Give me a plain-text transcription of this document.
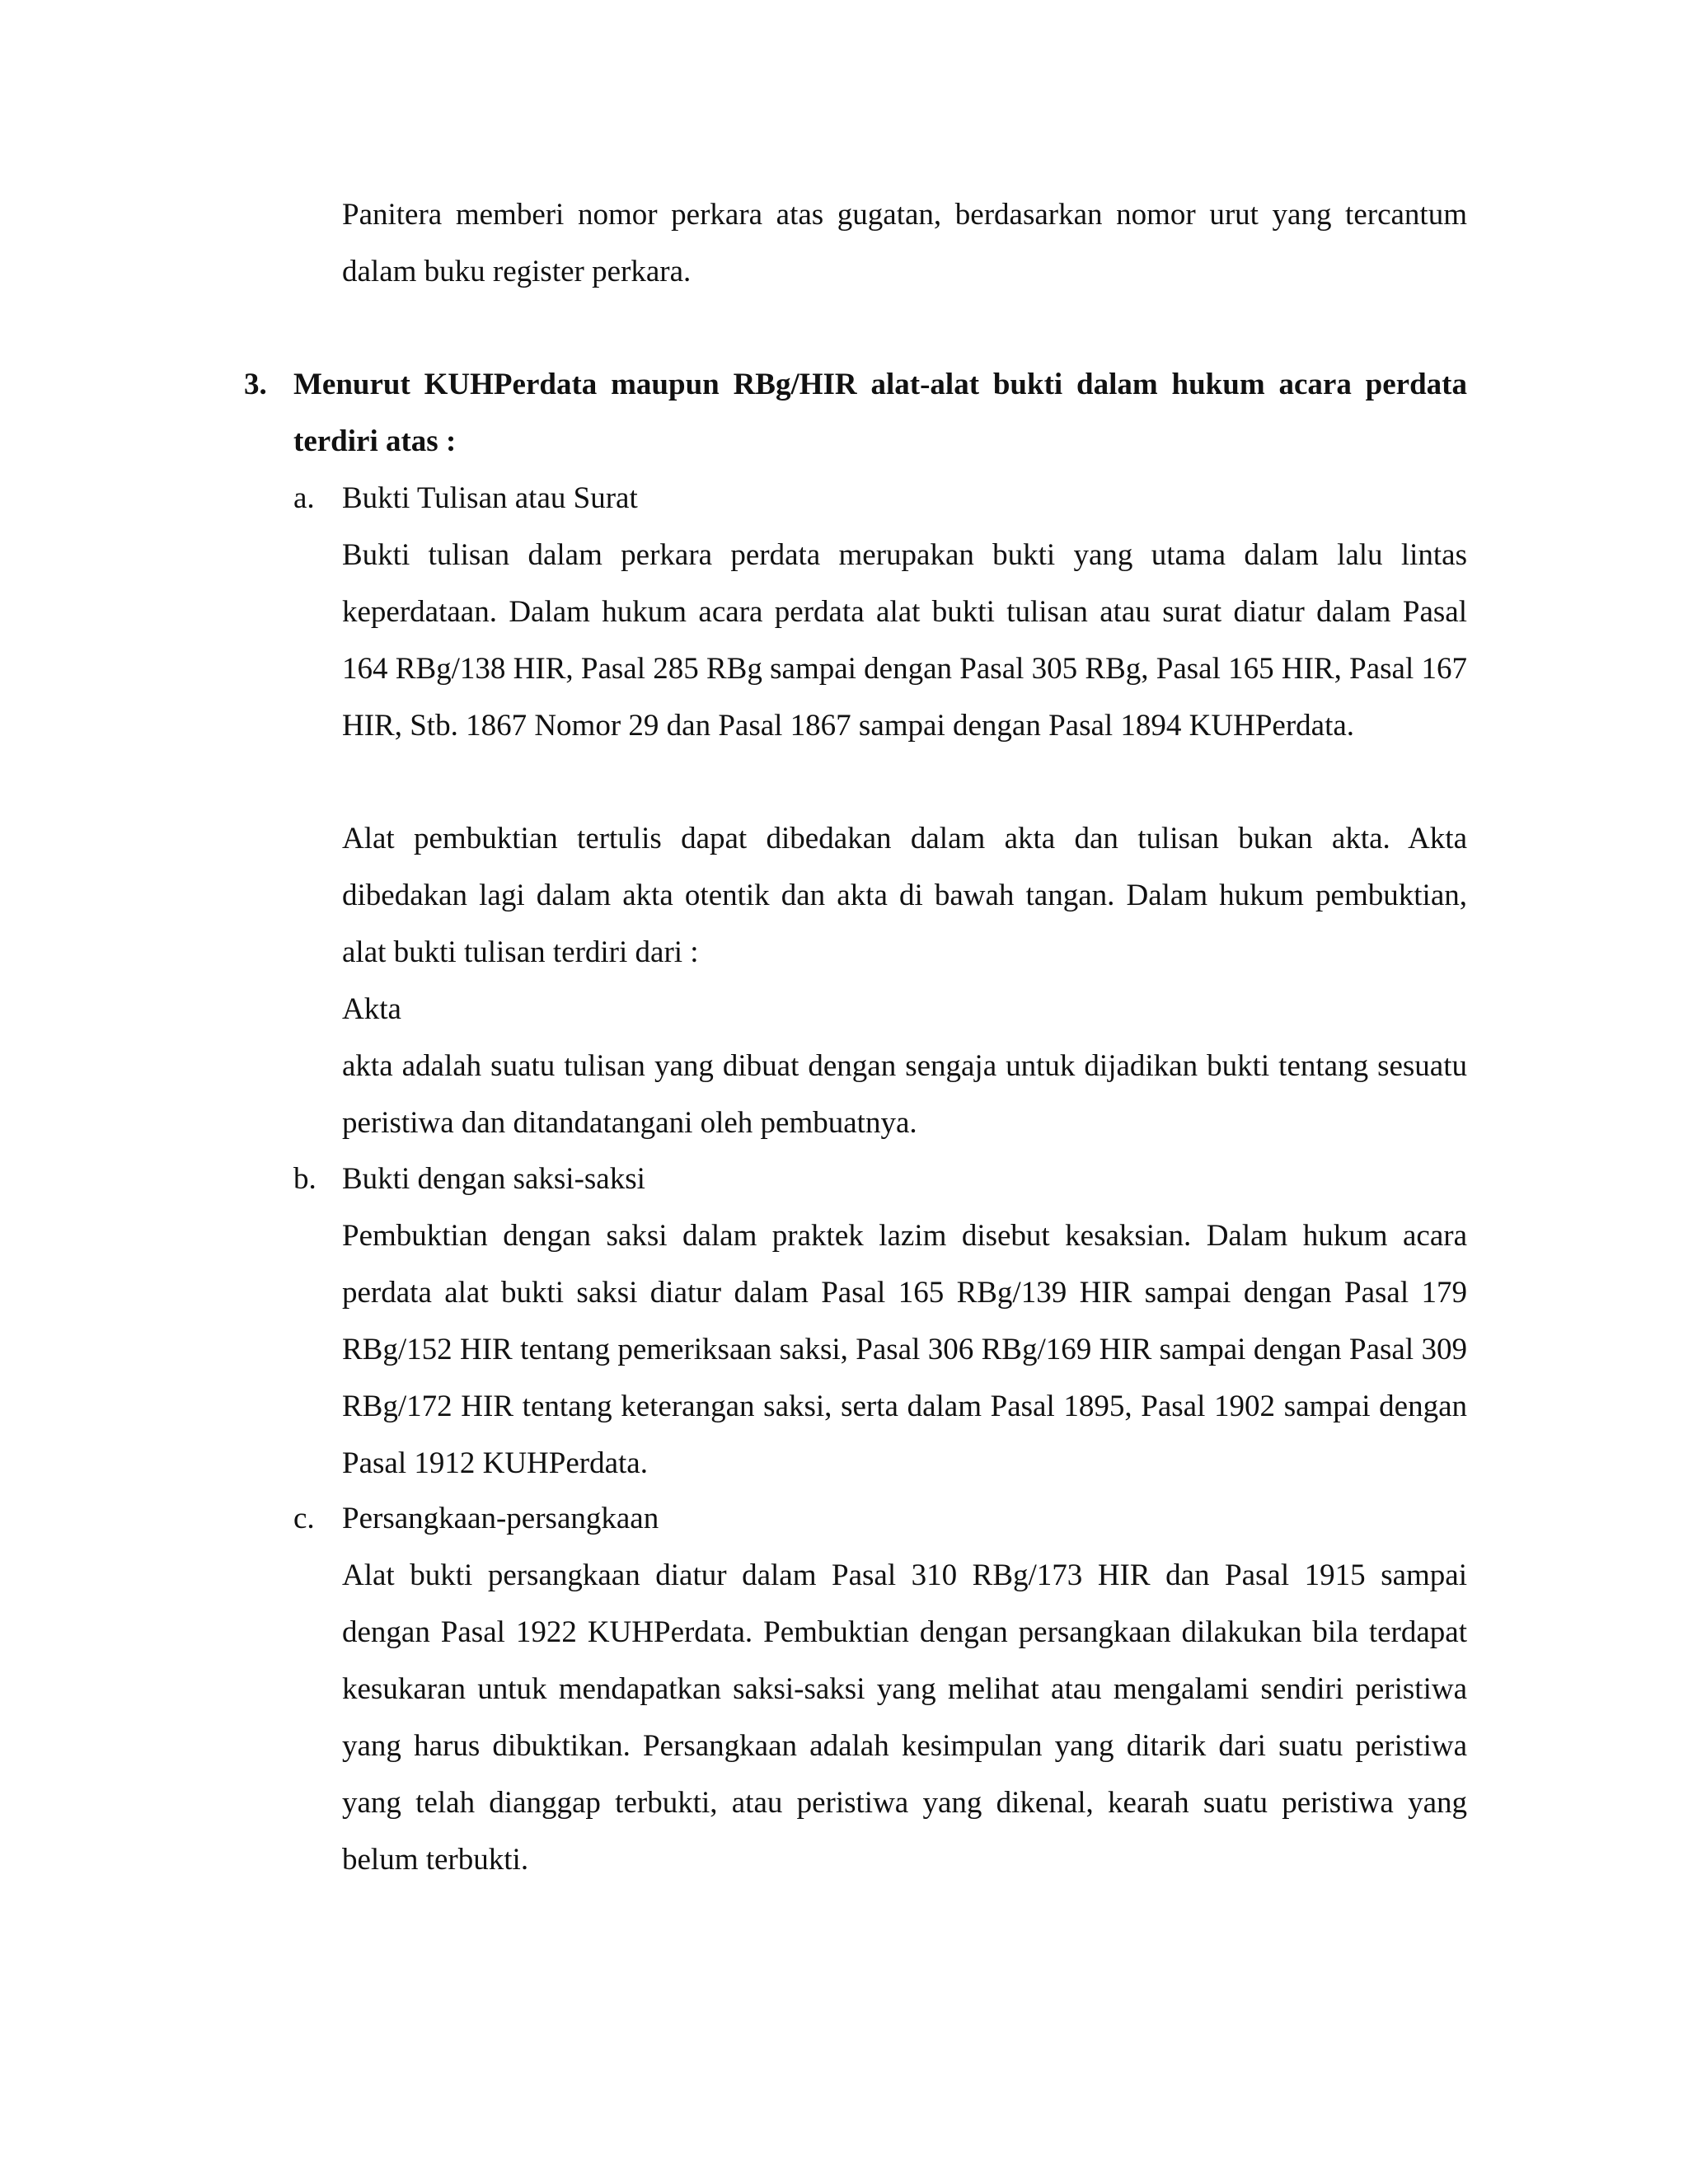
Panitera memberi nomor perkara atas gugatan, berdasarkan nomor urut yang tercantum dalam buku register perkara.

3. Menurut KUHPerdata maupun RBg/HIR alat-alat bukti dalam hukum acara perdata terdiri atas :
a. Bukti Tulisan atau Surat

Bukti tulisan dalam perkara perdata merupakan bukti yang utama dalam lalu lintas keperdataan. Dalam hukum acara perdata alat bukti tulisan atau surat diatur dalam Pasal 164 RBg/138 HIR, Pasal 285 RBg sampai dengan Pasal 305 RBg, Pasal 165 HIR, Pasal 167 HIR, Stb. 1867 Nomor 29 dan Pasal 1867 sampai dengan Pasal 1894 KUHPerdata.

Alat pembuktian tertulis dapat dibedakan dalam akta dan tulisan bukan akta. Akta dibedakan lagi dalam akta otentik dan akta di bawah tangan. Dalam hukum pembuktian, alat bukti tulisan terdiri dari :

Akta

akta adalah suatu tulisan yang dibuat dengan sengaja untuk dijadikan bukti tentang sesuatu peristiwa dan ditandatangani oleh pembuatnya.

b. Bukti dengan saksi-saksi

Pembuktian dengan saksi dalam praktek lazim disebut kesaksian. Dalam hukum acara perdata alat bukti saksi diatur dalam Pasal 165 RBg/139 HIR sampai dengan Pasal 179 RBg/152 HIR tentang pemeriksaan saksi, Pasal 306 RBg/169 HIR sampai dengan Pasal 309 RBg/172 HIR tentang keterangan saksi, serta dalam Pasal 1895, Pasal 1902 sampai dengan Pasal 1912 KUHPerdata.

c. Persangkaan-persangkaan

Alat bukti persangkaan diatur dalam Pasal 310 RBg/173 HIR dan Pasal 1915 sampai dengan Pasal 1922 KUHPerdata. Pembuktian dengan persangkaan dilakukan bila terdapat kesukaran untuk mendapatkan saksi-saksi yang melihat atau mengalami sendiri peristiwa yang harus dibuktikan. Persangkaan adalah kesimpulan yang ditarik dari suatu peristiwa yang telah dianggap terbukti, atau peristiwa yang dikenal, kearah suatu peristiwa yang belum terbukti.
